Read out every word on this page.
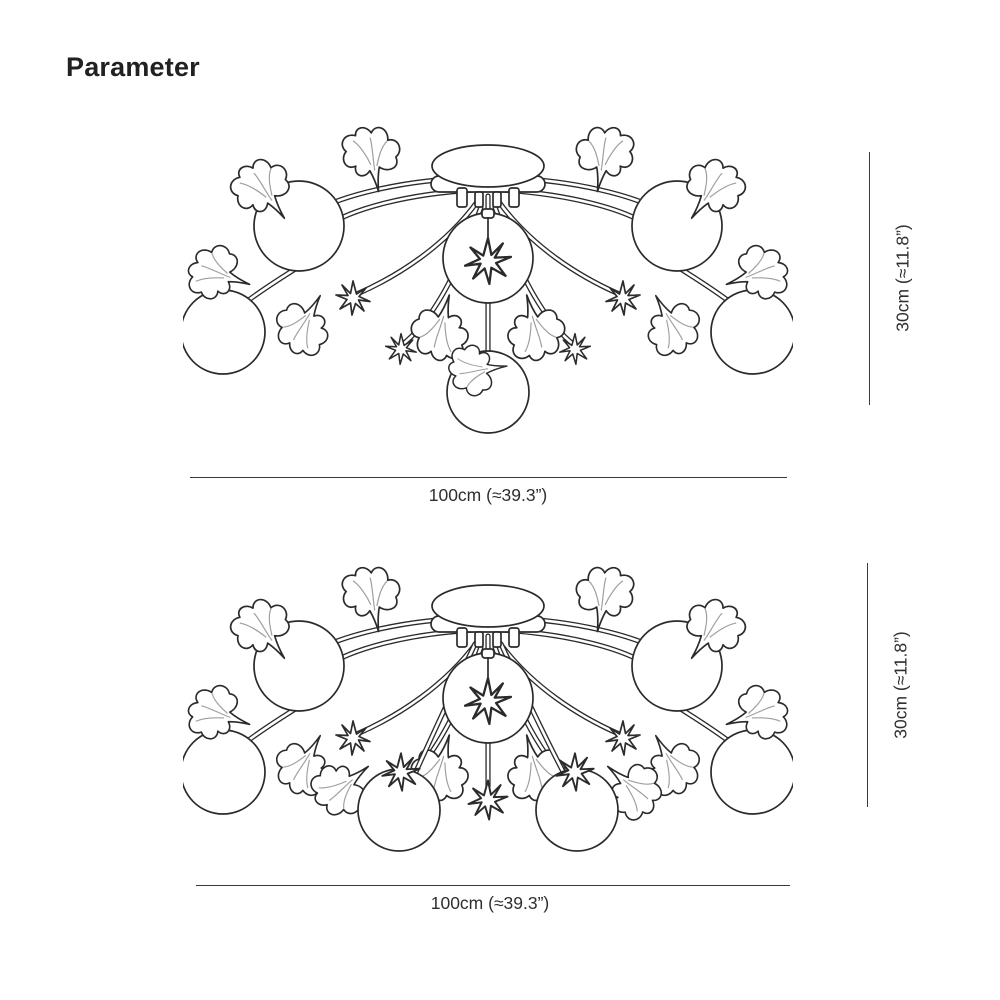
Parameter
100cm (≈39.3”)
30cm (≈11.8”)
100cm (≈39.3”)
30cm (≈11.8”)
